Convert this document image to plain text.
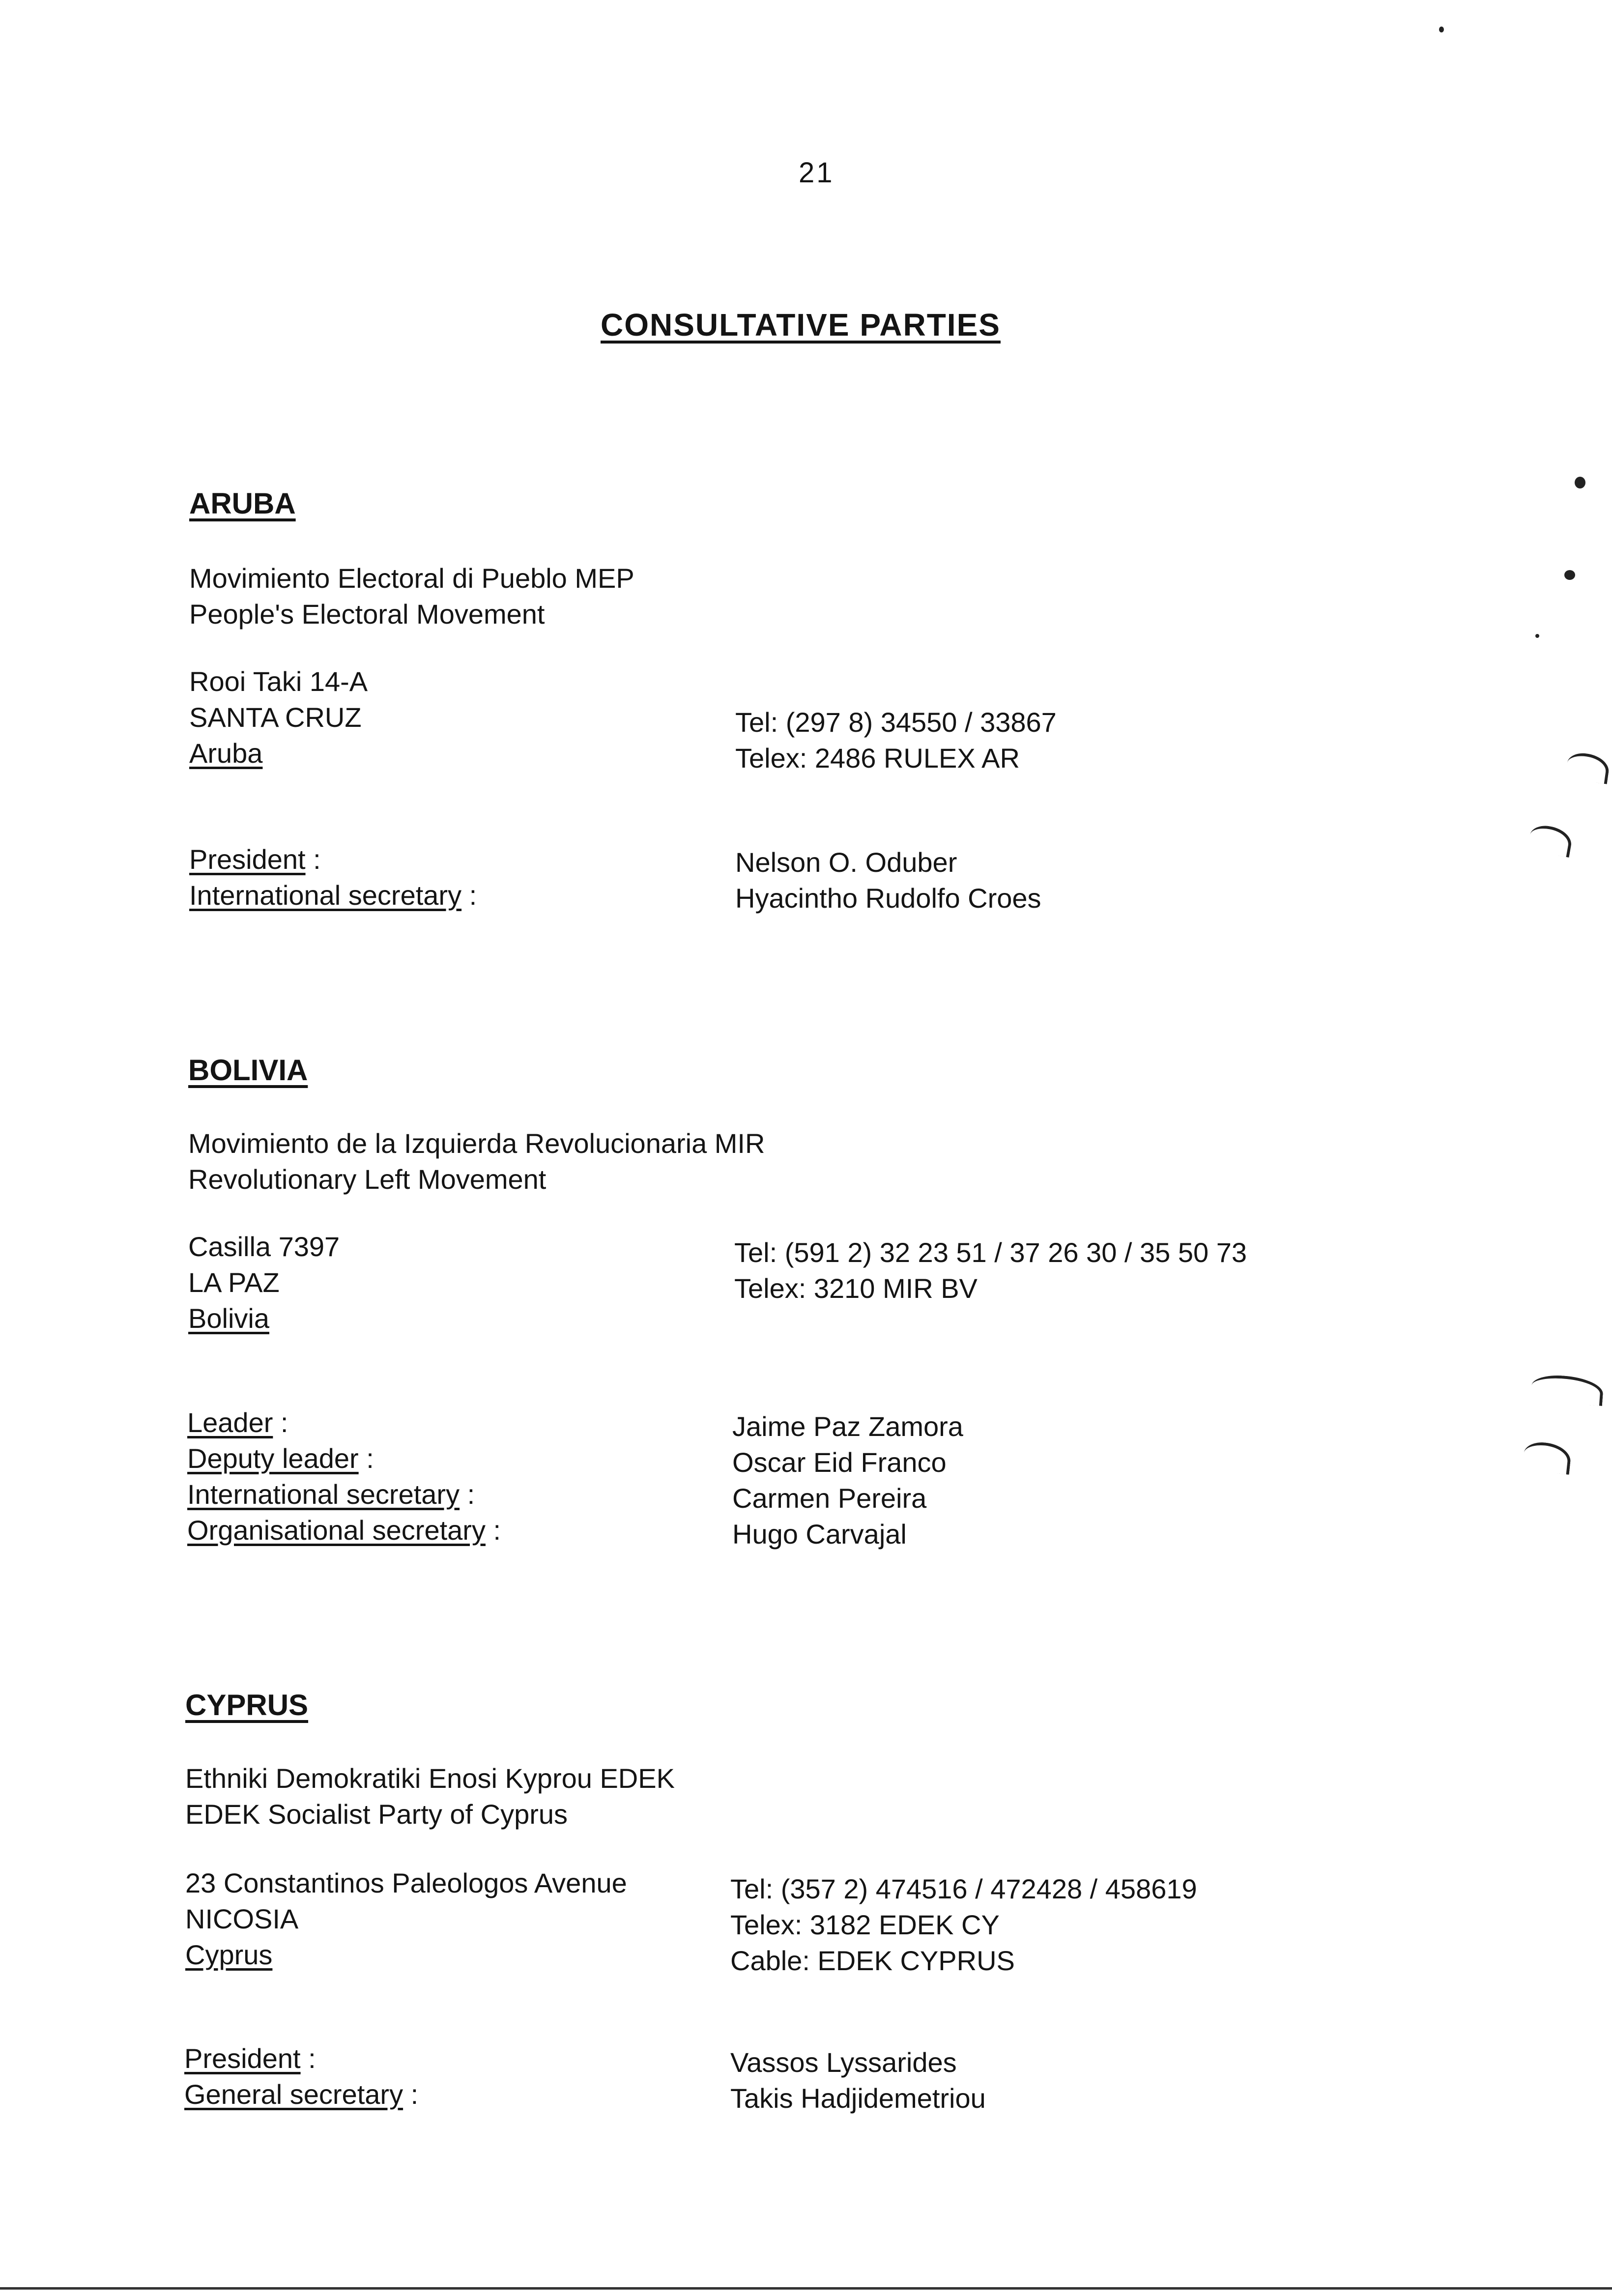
21
CONSULTATIVE PARTIES
ARUBA
Movimiento Electoral di Pueblo MEP
People's Electoral Movement
Rooi Taki 14-A
SANTA CRUZ
Aruba
Tel: (297 8) 34550 / 33867
Telex: 2486 RULEX AR
President :
International secretary :
Nelson O. Oduber
Hyacintho Rudolfo Croes
BOLIVIA
Movimiento de la Izquierda Revolucionaria MIR
Revolutionary Left Movement
Casilla 7397
LA PAZ
Bolivia
Tel: (591 2) 32 23 51 / 37 26 30 / 35 50 73
Telex: 3210 MIR BV
Leader :
Deputy leader :
International secretary :
Organisational secretary :
Jaime Paz Zamora
Oscar Eid Franco
Carmen Pereira
Hugo Carvajal
CYPRUS
Ethniki Demokratiki Enosi Kyprou EDEK
EDEK Socialist Party of Cyprus
23 Constantinos Paleologos Avenue
NICOSIA
Cyprus
Tel: (357 2) 474516 / 472428 / 458619
Telex: 3182 EDEK CY
Cable: EDEK CYPRUS
President :
General secretary :
Vassos Lyssarides
Takis Hadjidemetriou
